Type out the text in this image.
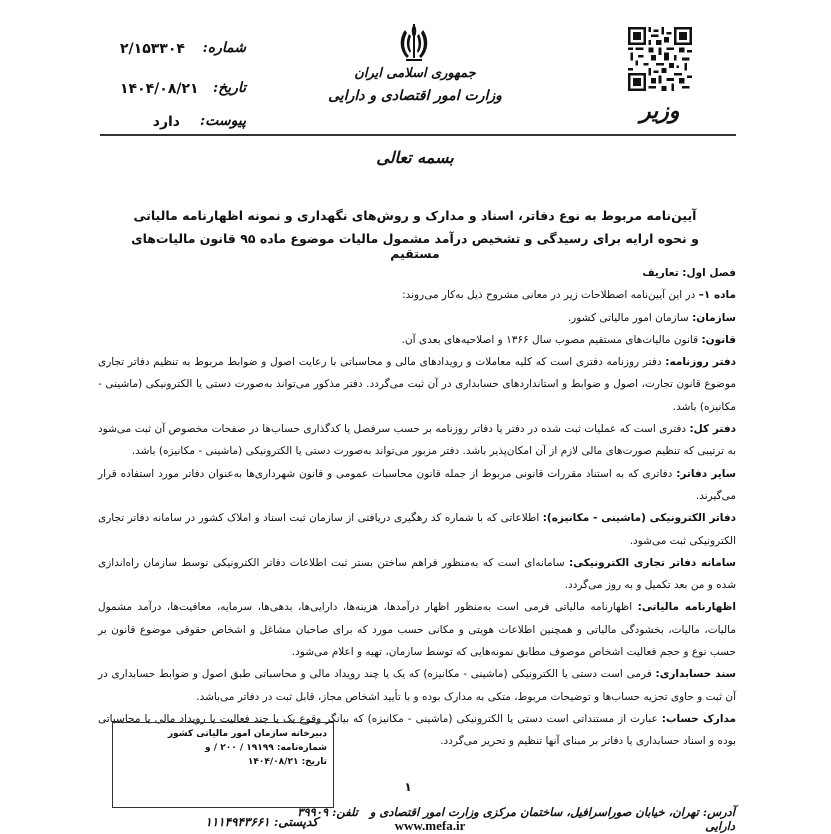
وزیر
جمهوری اسلامی ایران
وزارت امور اقتصادی و دارایی
شماره:
۲/۱۵۳۳۰۴
تاریخ:
۱۴۰۴/۰۸/۲۱
پیوست:
دارد
بسمه تعالی
آیین‌نامه مربوط به نوع دفاتر، اسناد و مدارک و روش‌های نگهداری و نمونه اظهارنامه مالیاتی
و نحوه ارایه برای رسیدگی و تشخیص درآمد مشمول مالیات موضوع ماده ۹۵ قانون مالیات‌های مستقیم

فصل اول: تعاریف

ماده ۱– در این آیین‌نامه اصطلاحات زیر در معانی مشروح ذیل به‌کار می‌روند:

سازمان: سازمان امور مالیاتی کشور.

قانون: قانون مالیات‌های مستقیم مصوب سال ۱۳۶۶ و اصلاحیه‌های بعدی آن.

دفتر روزنامه: دفتر روزنامه دفتری است که کلیه معاملات و رویدادهای مالی و محاسباتی با رعایت اصول و ضوابط مربوط به تنظیم دفاتر تجاری موضوع قانون تجارت، اصول و ضوابط و استانداردهای حسابداری در آن ثبت می‌گردد. دفتر مذکور می‌تواند به‌صورت دستی یا الکترونیکی (ماشینی - مکانیزه) باشد.

دفتر کل: دفتری است که عملیات ثبت شده در دفتر یا دفاتر روزنامه بر حسب سرفصل یا کدگذاری حساب‌ها در صفحات مخصوص آن ثبت می‌شود به ترتیبی که تنظیم صورت‌های مالی لازم از آن امکان‌پذیر باشد. دفتر مزبور می‌تواند به‌صورت دستی یا الکترونیکی (ماشینی - مکانیزه) باشد.

سایر دفاتر: دفاتری که به استناد مقررات قانونی مربوط از جمله قانون محاسبات عمومی و قانون شهرداری‌ها به‌عنوان دفاتر مورد استفاده قرار می‌گیرند.

دفاتر الکترونیکی (ماشینی - مکانیزه): اطلاعاتی که با شماره کد رهگیری دریافتی از سازمان ثبت اسناد و املاک کشور در سامانه دفاتر تجاری الکترونیکی ثبت می‌شود.

سامانه دفاتر تجاری الکترونیکی: سامانه‌ای است که به‌منظور فراهم ساختن بستر ثبت اطلاعات دفاتر الکترونیکی توسط سازمان راه‌اندازی شده و من بعد تکمیل و به روز می‌گردد.

اظهارنامه مالیاتی: اظهارنامه مالیاتی فرمی است به‌منظور اظهار درآمدها، هزینه‌ها، دارایی‌ها، بدهی‌ها، سرمایه، معافیت‌ها، درآمد مشمول مالیات، مالیات، بخشودگی مالیاتی و همچنین اطلاعات هویتی و مکانی حسب مورد که برای صاحبان مشاغل و اشخاص حقوقی موضوع قانون بر حسب نوع و حجم فعالیت اشخاص موصوف مطابق نمونه‌هایی که توسط سازمان، تهیه و اعلام می‌شود.

سند حسابداری: فرمی است دستی یا الکترونیکی (ماشینی - مکانیزه) که یک یا چند رویداد مالی و محاسباتی طبق اصول و ضوابط حسابداری در آن ثبت و حاوی تجزیه حساب‌ها و توضیحات مربوط، متکی به مدارک بوده و با تأیید اشخاص مجاز، قابل ثبت در دفاتر می‌باشد.

مدارک حساب: عبارت از مستنداتی است دستی یا الکترونیکی (ماشینی - مکانیزه) که بیانگر وقوع یک یا چند فعالیت یا رویداد مالی یا محاسباتی بوده و اسناد حسابداری یا دفاتر بر مبنای آنها تنظیم و تحریر می‌گردد.

۱
دبیرخانه سازمان امور مالیاتی کشور
شماره‌نامه: ۱۹۱۹۹ / ۲۰۰ / و
تاریخ: ۱۴۰۴/۰۸/۲۱
آدرس: تهران، خیابان صوراسرافیل، ساختمان مرکزی وزارت امور اقتصادی و دارایی
تلفن: ۳۹۹۰۹
کدپستی: ۱۱۱۴۹۴۳۶۶۱	www.mefa.ir
